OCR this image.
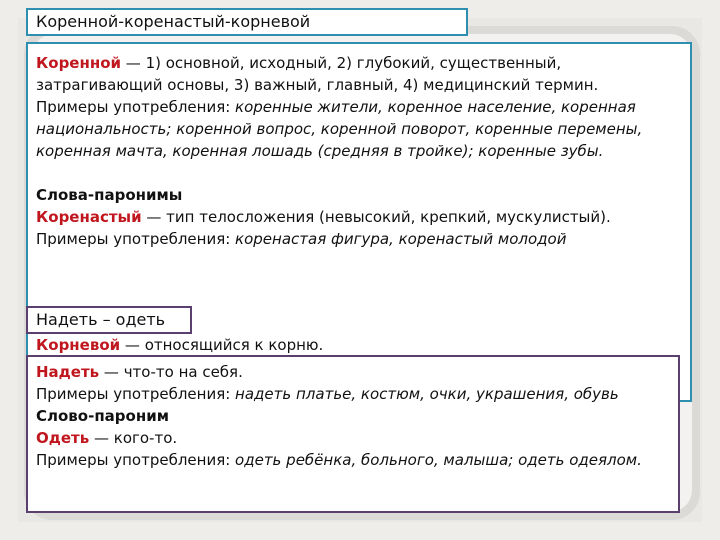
Коренной-коренастый-корневой

Коренной — 1) основной, исходный, 2) глубокий, существенный, затрагивающий основы, 3) важный, главный, 4) медицинский термин.

Примеры употребления: коренные жители, коренное население, коренная национальность; коренной вопрос, коренной поворот, коренные перемены, коренная мачта, коренная лошадь (средняя в тройке); коренные зубы.

Слова-паронимы

Коренастый — тип телосложения (невысокий, крепкий, мускулистый).

Примеры употребления: коренастая фигура, коренастый молодой

Корневой — относящийся к корню.
Надеть – одеть

Надеть — что-то на себя.

Примеры употребления: надеть платье, костюм, очки, украшения, обувь

Слово-пароним

Одеть — кого-то.

Примеры употребления: одеть ребёнка, больного, малыша; одеть одеялом.
